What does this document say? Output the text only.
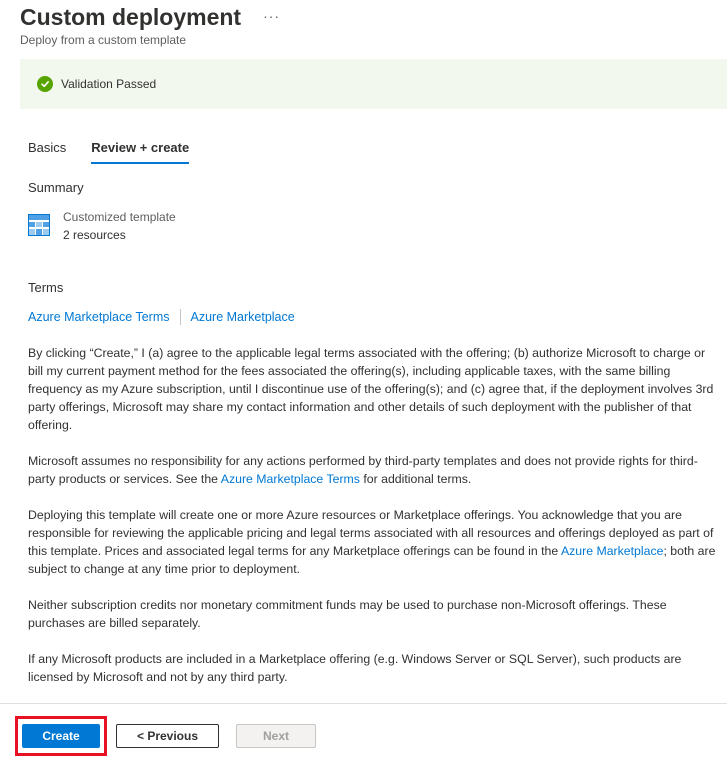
Custom deployment ···
Deploy from a custom template
Validation Passed
Basics Review + create
Summary
Customized template
2 resources
Terms
Azure Marketplace Terms Azure Marketplace

By clicking “Create,” I (a) agree to the applicable legal terms associated with the offering; (b) authorize Microsoft to charge or bill my current payment method for the fees associated the offering(s), including applicable taxes, with the same billing frequency as my Azure subscription, until I discontinue use of the offering(s); and (c) agree that, if the deployment involves 3rd party offerings, Microsoft may share my contact information and other details of such deployment with the publisher of that offering.

Microsoft assumes no responsibility for any actions performed by third-party templates and does not provide rights for third-party products or services. See the Azure Marketplace Terms for additional terms.

Deploying this template will create one or more Azure resources or Marketplace offerings. You acknowledge that you are responsible for reviewing the applicable pricing and legal terms associated with all resources and offerings deployed as part of this template. Prices and associated legal terms for any Marketplace offerings can be found in the Azure Marketplace; both are subject to change at any time prior to deployment.

Neither subscription credits nor monetary commitment funds may be used to purchase non-Microsoft offerings. These purchases are billed separately.

If any Microsoft products are included in a Marketplace offering (e.g. Windows Server or SQL Server), such products are licensed by Microsoft and not by any third party.

Create	< Previous	Next
